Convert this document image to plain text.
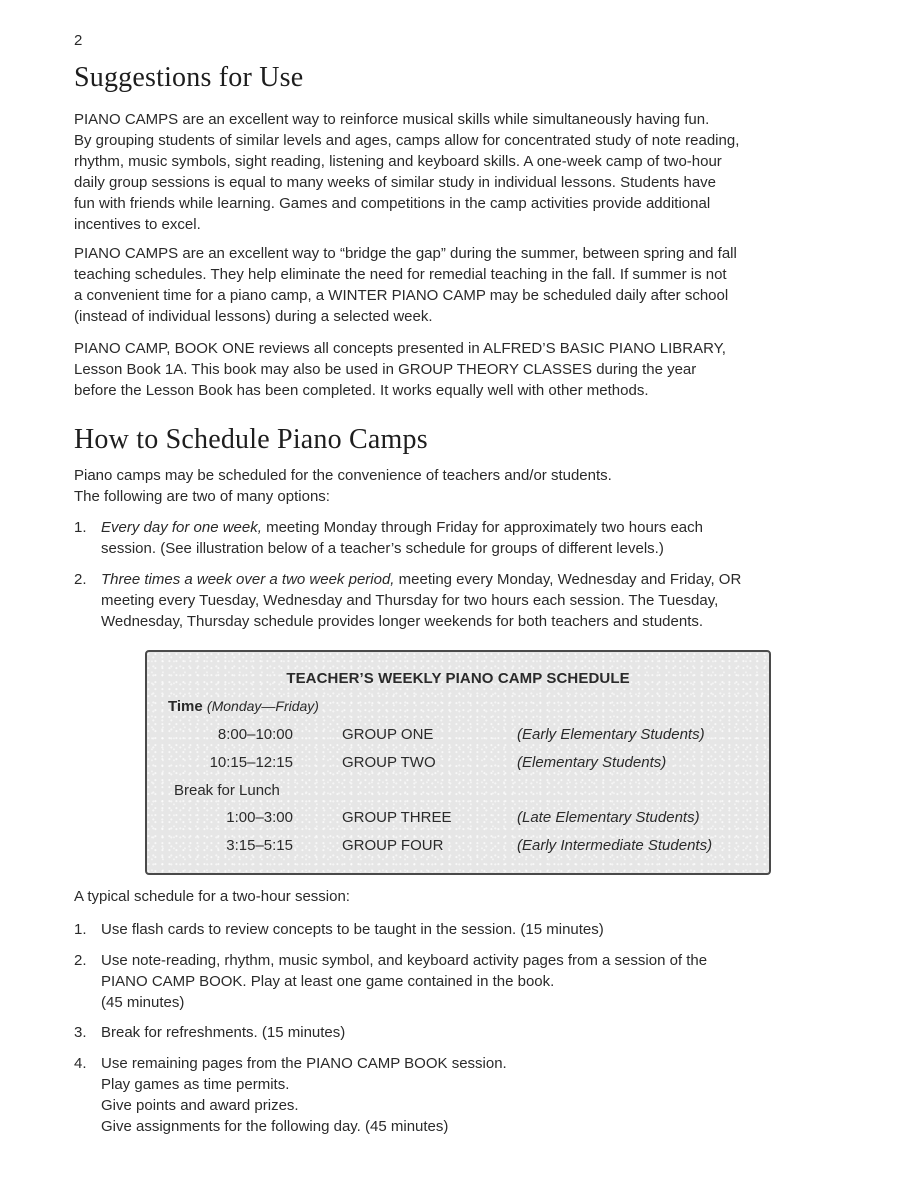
2
Suggestions for Use
PIANO CAMPS are an excellent way to reinforce musical skills while simultaneously having fun.
By grouping students of similar levels and ages, camps allow for concentrated study of note reading,
rhythm, music symbols, sight reading, listening and keyboard skills. A one-week camp of two-hour
daily group sessions is equal to many weeks of similar study in individual lessons. Students have
fun with friends while learning. Games and competitions in the camp activities provide additional
incentives to excel.
PIANO CAMPS are an excellent way to “bridge the gap” during the summer, between spring and fall
teaching schedules. They help eliminate the need for remedial teaching in the fall. If summer is not
a convenient time for a piano camp, a WINTER PIANO CAMP may be scheduled daily after school
(instead of individual lessons) during a selected week.
PIANO CAMP, BOOK ONE reviews all concepts presented in ALFRED’S BASIC PIANO LIBRARY,
Lesson Book 1A. This book may also be used in GROUP THEORY CLASSES during the year
before the Lesson Book has been completed. It works equally well with other methods.
How to Schedule Piano Camps
Piano camps may be scheduled for the convenience of teachers and/or students.
The following are two of many options:
1. Every day for one week, meeting Monday through Friday for approximately two hours each
session. (See illustration below of a teacher’s schedule for groups of different levels.)
2. Three times a week over a two week period, meeting every Monday, Wednesday and Friday, OR
meeting every Tuesday, Wednesday and Thursday for two hours each session. The Tuesday,
Wednesday, Thursday schedule provides longer weekends for both teachers and students.
TEACHER’S WEEKLY PIANO CAMP SCHEDULE
Time (Monday—Friday)
8:00–10:00	GROUP ONE	(Early Elementary Students)
10:15–12:15	GROUP TWO	(Elementary Students)
Break for Lunch
1:00–3:00	GROUP THREE	(Late Elementary Students)
3:15–5:15	GROUP FOUR	(Early Intermediate Students)
A typical schedule for a two-hour session:
1. Use flash cards to review concepts to be taught in the session. (15 minutes)
2. Use note-reading, rhythm, music symbol, and keyboard activity pages from a session of the
PIANO CAMP BOOK. Play at least one game contained in the book.
(45 minutes)
3. Break for refreshments. (15 minutes)
4. Use remaining pages from the PIANO CAMP BOOK session.
Play games as time permits.
Give points and award prizes.
Give assignments for the following day. (45 minutes)
